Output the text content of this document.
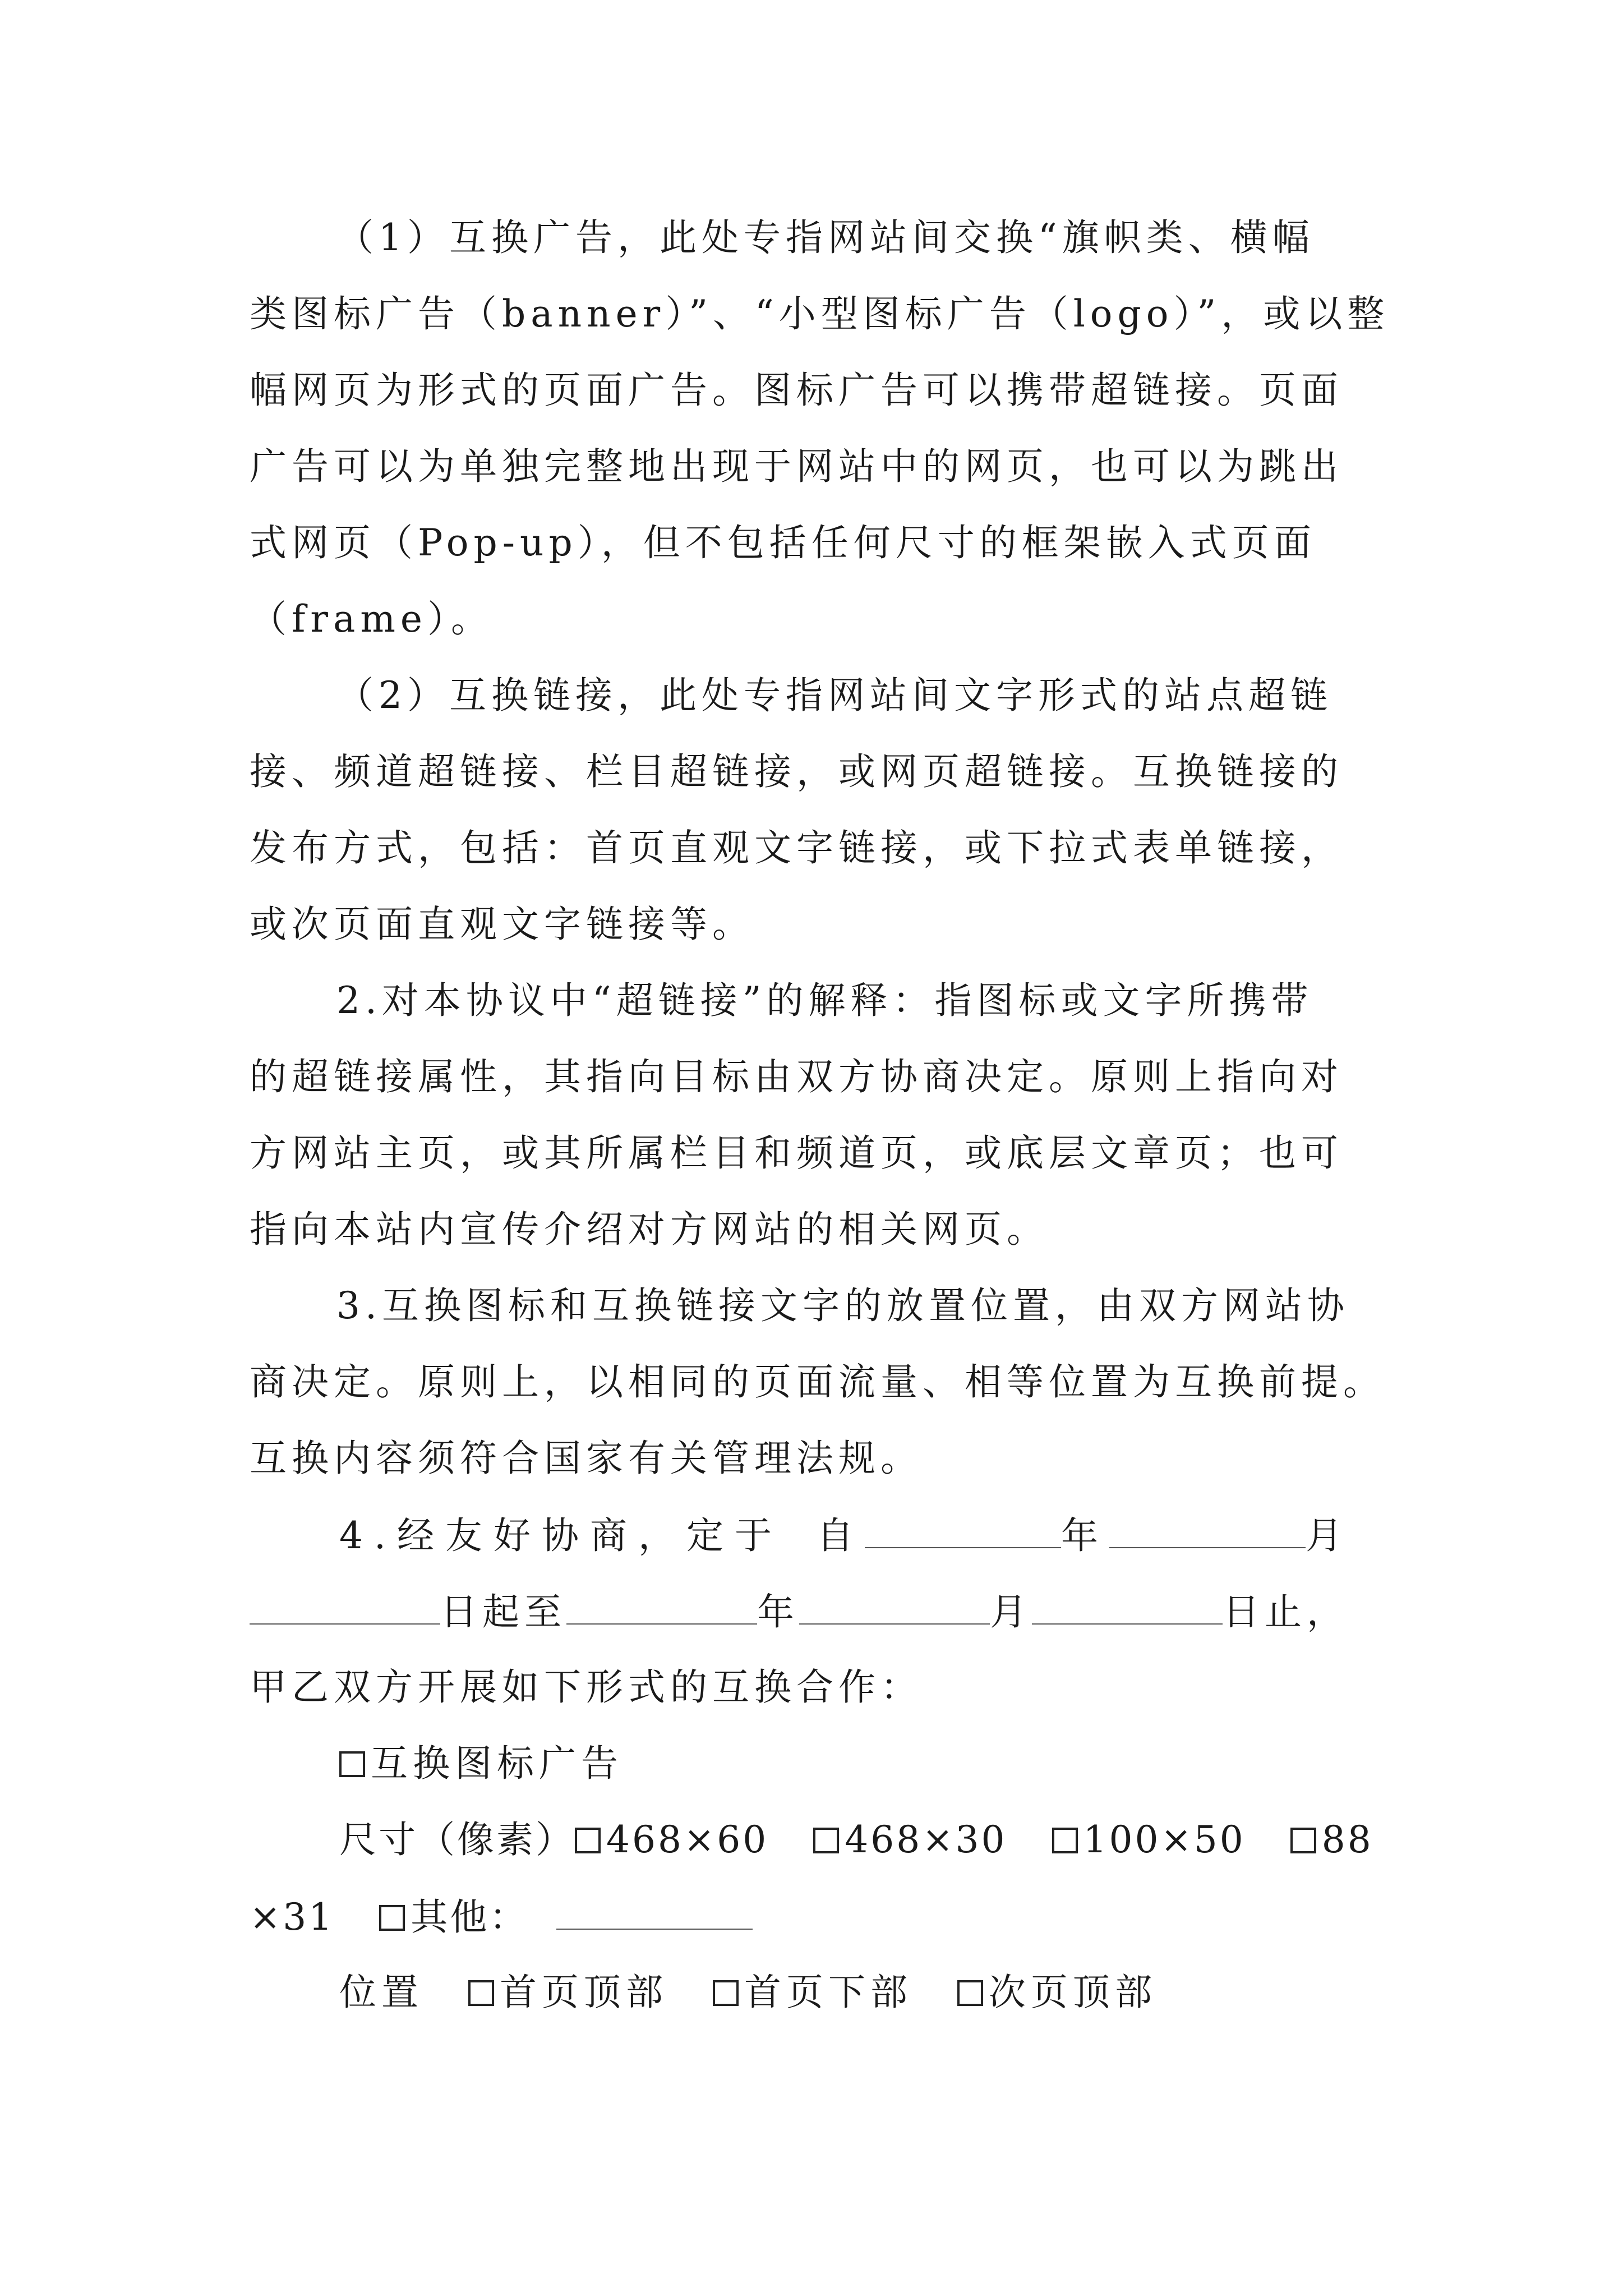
（1）互换广告，此处专指网站间交换“旗帜类、横幅
类图标广告（banner）”、“小型图标广告（logo）”，或以整
幅网页为形式的页面广告。图标广告可以携带超链接。页面
广告可以为单独完整地出现于网站中的网页，也可以为跳出
式网页（Pop-up），但不包括任何尺寸的框架嵌入式页面
（frame）。
（2）互换链接，此处专指网站间文字形式的站点超链
接、频道超链接、栏目超链接，或网页超链接。互换链接的
发布方式，包括：首页直观文字链接，或下拉式表单链接，
或次页面直观文字链接等。
2.对本协议中“超链接”的解释：指图标或文字所携带
的超链接属性，其指向目标由双方协商决定。原则上指向对
方网站主页，或其所属栏目和频道页，或底层文章页；也可
指向本站内宣传介绍对方网站的相关网页。
3.互换图标和互换链接文字的放置位置，由双方网站协
商决定。原则上，以相同的页面流量、相等位置为互换前提。
互换内容须符合国家有关管理法规。
4.经友好协商，定于 自	年	月
日起至	年	月	日止，
甲乙双方开展如下形式的互换合作：
互换图标广告
尺寸（像素） 468×60 468×30 100×50 88
×31 其他：
位置 首页顶部 首页下部 次页顶部
